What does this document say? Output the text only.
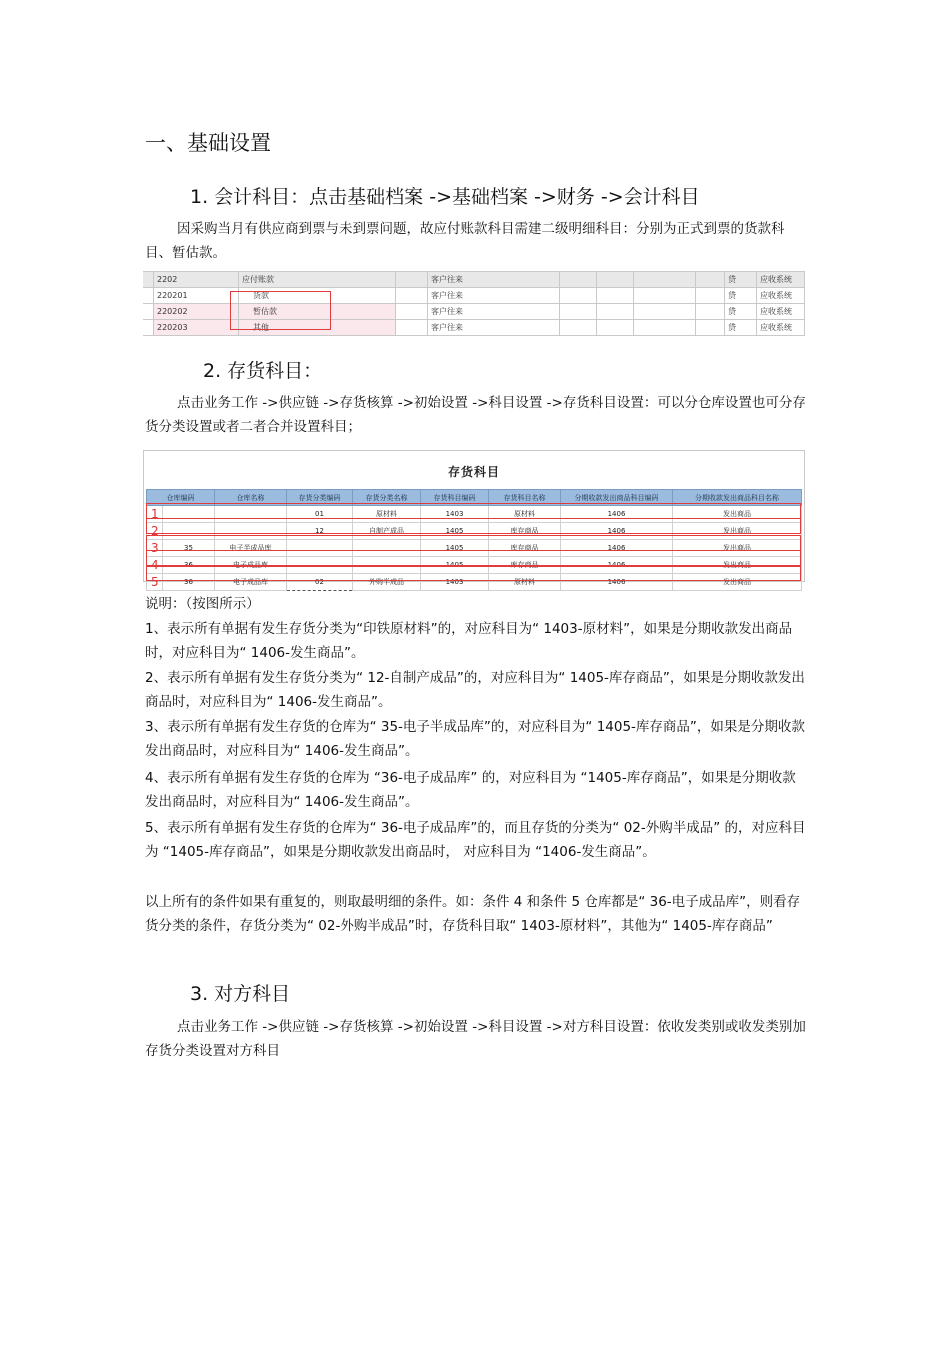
一、基础设置
1. 会计科目：点击基础档案 ->基础档案 ->财务 ->会计科目
因采购当月有供应商到票与未到票问题，故应付账款科目需建二级明细科目：分别为正式到票的货款科目、暂估款。
	2202	应付账款		客户往来					贷	应收系统
	220201	货款		客户往来					贷	应收系统
	220202	暂估款		客户往来					贷	应收系统
	220203	其他		客户往来					贷	应收系统
2. 存货科目：
点击业务工作 ->供应链 ->存货核算 ->初始设置 ->科目设置 ->存货科目设置：可以分仓库设置也可分存货分类设置或者二者合并设置科目；
存货科目
仓库编码		仓库名称	存货分类编码	存货分类名称	存货科目编码	存货科目名称	分期收款发出商品科目编码	分期收款发出商品科目名称
1			01	原材料	1403	原材料	1406	发出商品
2			12	自制产成品	1405	库存商品	1406	发出商品
3	35	电子半成品库			1405	库存商品	1406	发出商品
4	36	电子成品库			1405	库存商品	1406	发出商品
5	36	电子成品库	02	外购半成品	1403	原材料	1406	发出商品
说明：（按图所示）
1、表示所有单据有发生存货分类为“印铁原材料”的，对应科目为“ 1403-原材料”，如果是分期收款发出商品时，对应科目为“ 1406-发生商品”。
2、表示所有单据有发生存货分类为“ 12-自制产成品”的，对应科目为“ 1405-库存商品”，如果是分期收款发出商品时，对应科目为“ 1406-发生商品”。
3、表示所有单据有发生存货的仓库为“ 35-电子半成品库”的，对应科目为“ 1405-库存商品”，如果是分期收款发出商品时，对应科目为“ 1406-发生商品”。
4、表示所有单据有发生存货的仓库为 “36-电子成品库” 的，对应科目为 “1405-库存商品”，如果是分期收款发出商品时，对应科目为“ 1406-发生商品”。
5、表示所有单据有发生存货的仓库为“ 36-电子成品库”的，而且存货的分类为“ 02-外购半成品” 的，对应科目为 “1405-库存商品”，如果是分期收款发出商品时， 对应科目为 “1406-发生商品”。
以上所有的条件如果有重复的，则取最明细的条件。如：条件 4 和条件 5 仓库都是“ 36-电子成品库”，则看存货分类的条件，存货分类为“ 02-外购半成品”时，存货科目取“ 1403-原材料”，其他为“ 1405-库存商品”
3. 对方科目
点击业务工作 ->供应链 ->存货核算 ->初始设置 ->科目设置 ->对方科目设置：依收发类别或收发类别加存货分类设置对方科目
